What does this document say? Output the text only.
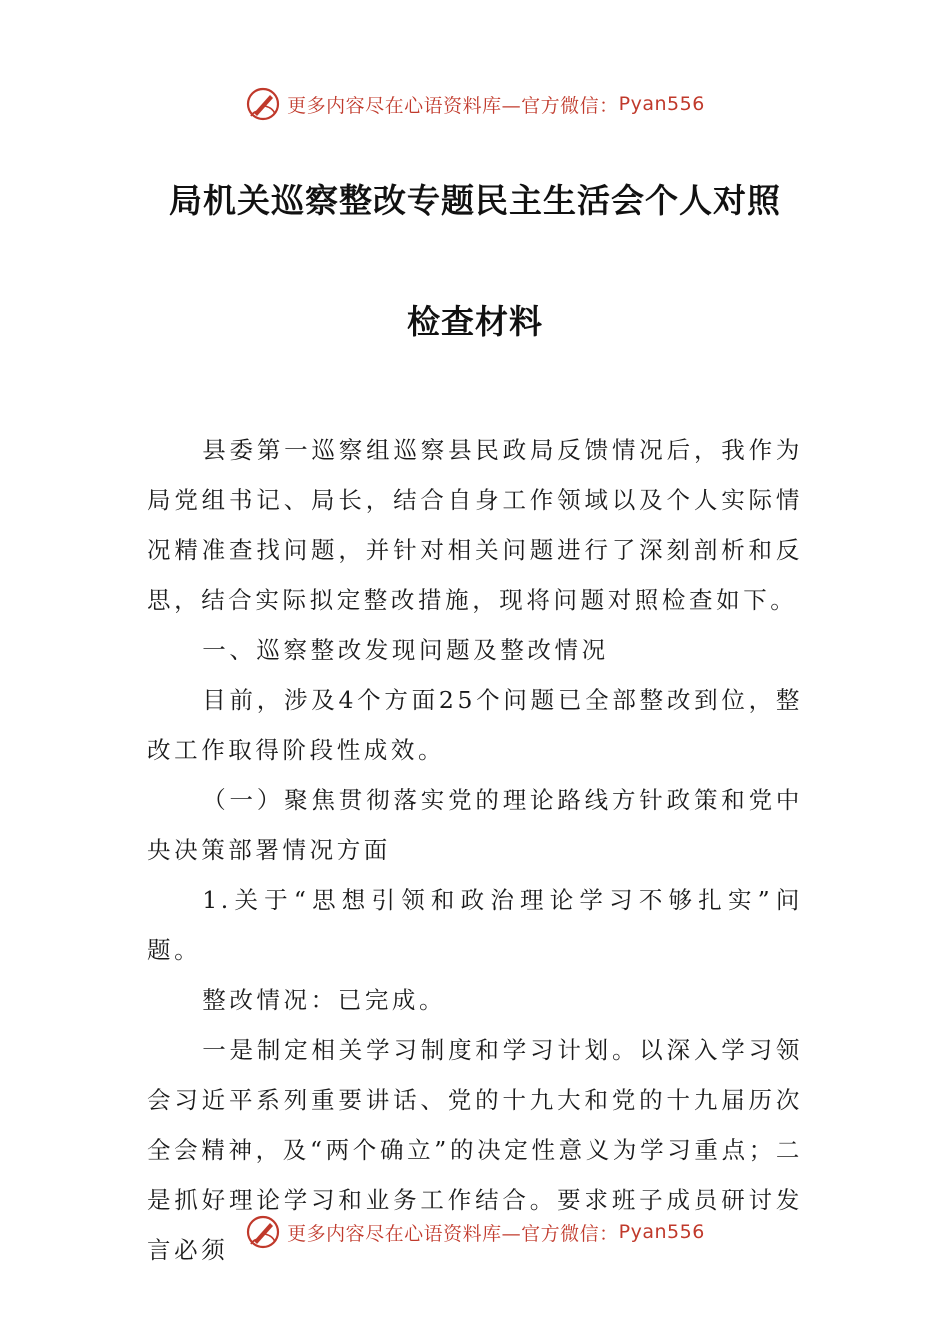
更多内容尽在心语资料库—官方微信： Pyan556
局机关巡察整改专题民主生活会个人对照
检查材料

县委第一巡察组巡察县民政局反馈情况后，我作为局党组书记、局长，结合自身工作领域以及个人实际情况精准查找问题，并针对相关问题进行了深刻剖析和反思，结合实际拟定整改措施，现将问题对照检查如下。

一、巡察整改发现问题及整改情况

目前，涉及4个方面25个问题已全部整改到位，整改工作取得阶段性成效。

（一）聚焦贯彻落实党的理论路线方针政策和党中央决策部署情况方面

1.关于“思想引领和政治理论学习不够扎实”问题。

整改情况：已完成。

一是制定相关学习制度和学习计划。以深入学习领会习近平系列重要讲话、党的十九大和党的十九届历次全会精神，及“两个确立”的决定性意义为学习重点；二是抓好理论学习和业务工作结合。要求班子成员研讨发言必须

更多内容尽在心语资料库—官方微信： Pyan556
